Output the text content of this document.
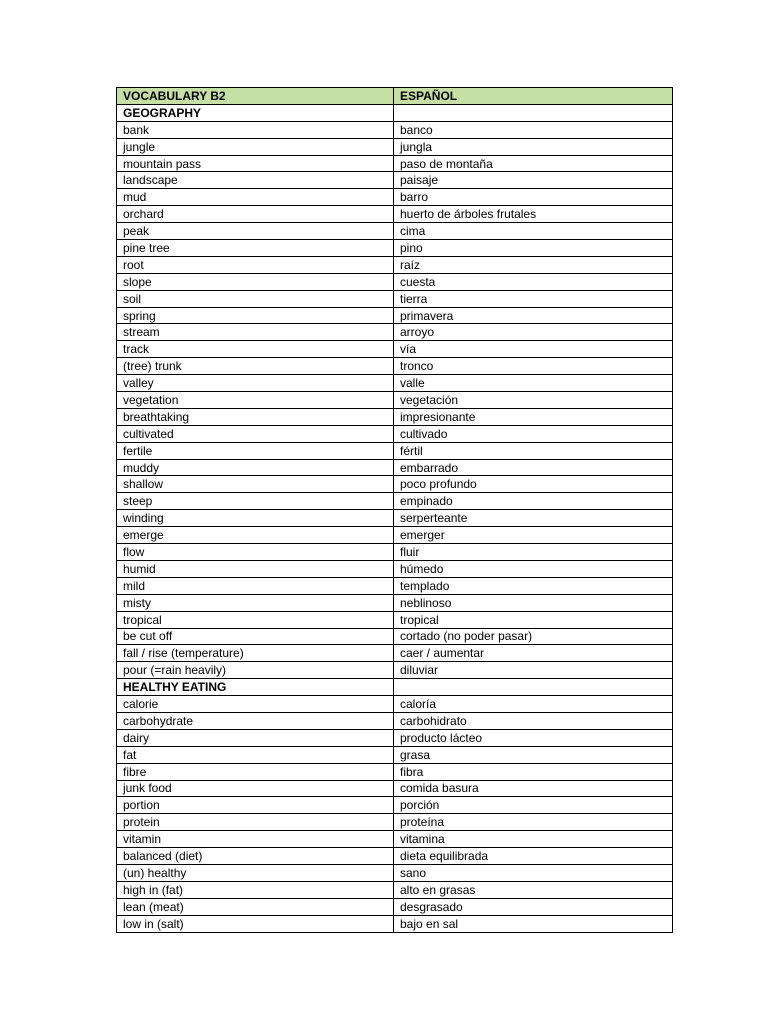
VOCABULARY B2	ESPAÑOL
GEOGRAPHY	
bank	banco
jungle	jungla
mountain pass	paso de montaña
landscape	paisaje
mud	barro
orchard	huerto de árboles frutales
peak	cima
pine tree	pino
root	raíz
slope	cuesta
soil	tierra
spring	primavera
stream	arroyo
track	vía
(tree) trunk	tronco
valley	valle
vegetation	vegetación
breathtaking	impresionante
cultivated	cultivado
fertile	fértil
muddy	embarrado
shallow	poco profundo
steep	empinado
winding	serperteante
emerge	emerger
flow	fluir
humid	húmedo
mild	templado
misty	neblinoso
tropical	tropical
be cut off	cortado (no poder pasar)
fall / rise (temperature)	caer / aumentar
pour (=rain heavily)	diluviar
HEALTHY EATING	
calorie	caloría
carbohydrate	carbohidrato
dairy	producto lácteo
fat	grasa
fibre	fibra
junk food	comida basura
portion	porción
protein	proteína
vitamin	vitamina
balanced (diet)	dieta equilibrada
(un) healthy	sano
high in (fat)	alto en grasas
lean (meat)	desgrasado
low in (salt)	bajo en sal
